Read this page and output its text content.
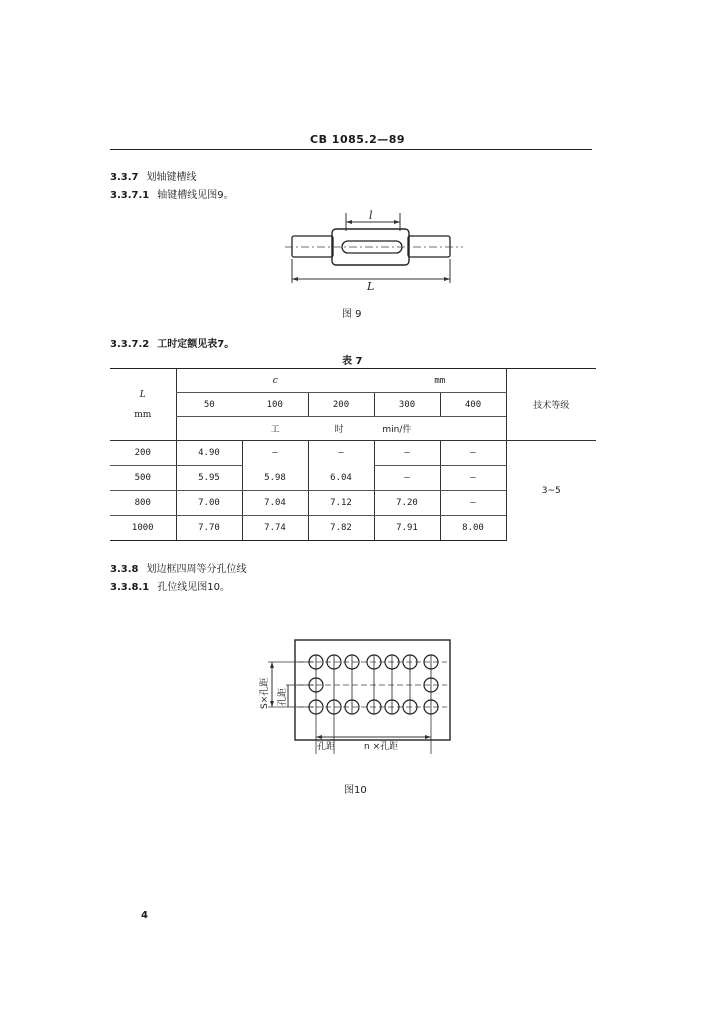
CB 1085.2—89
3.3.7 划轴键槽线
3.3.7.1 轴键槽线见图9。
l
L
图 9
3.3.7.2 工时定额见表7。
表 7
L
mm	c			mm		技术等级
	50	100	200	300	400	
	工 时 min/件					
200	4.90	—	—	—	—	3~5
500	5.95	5.98	6.04	—	—	
800	7.00	7.04	7.12	7.20	—	
1000	7.70	7.74	7.82	7.91	8.00	
3.3.8 划边框四周等分孔位线
3.3.8.1 孔位线见图10。
S×孔距 孔距
孔距	n ×孔距
图10
4
